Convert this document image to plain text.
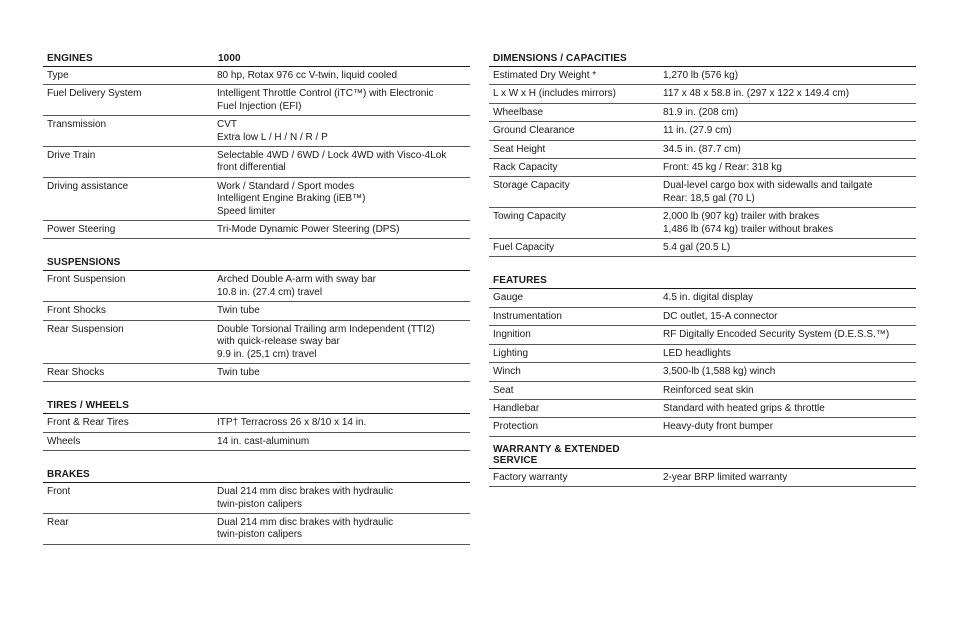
ENGINES	1000
Type	80 hp, Rotax 976 cc V-twin, liquid cooled
Fuel Delivery System	Intelligent Throttle Control (iTC™) with Electronic
Fuel Injection (EFI)
Transmission	CVT
Extra low L / H / N / R / P
Drive Train	Selectable 4WD / 6WD / Lock 4WD with Visco-4Lok
front differential
Driving assistance	Work / Standard / Sport modes
Intelligent Engine Braking (iEB™)
Speed limiter
Power Steering	Tri-Mode Dynamic Power Steering (DPS)
SUSPENSIONS
Front Suspension	Arched Double A-arm with sway bar
10.8 in. (27.4 cm) travel
Front Shocks	Twin tube
Rear Suspension	Double Torsional Trailing arm Independent (TTI2)
with quick-release sway bar
9.9 in. (25,1 cm) travel
Rear Shocks	Twin tube
TIRES / WHEELS
Front & Rear Tires	ITP† Terracross 26 x 8/10 x 14 in.
Wheels	14 in. cast-aluminum
BRAKES
Front	Dual 214 mm disc brakes with hydraulic
twin-piston calipers
Rear	Dual 214 mm disc brakes with hydraulic
twin-piston calipers
DIMENSIONS / CAPACITIES
Estimated Dry Weight *	1,270 lb (576 kg)
L x W x H (includes mirrors)	117 x 48 x 58.8 in. (297 x 122 x 149.4 cm)
Wheelbase	81.9 in. (208 cm)
Ground Clearance	11 in. (27.9 cm)
Seat Height	34.5 in. (87.7 cm)
Rack Capacity	Front: 45 kg / Rear: 318 kg
Storage Capacity	Dual-level cargo box with sidewalls and tailgate
Rear: 18,5 gal (70 L)
Towing Capacity	2,000 lb (907 kg) trailer with brakes
1,486 lb (674 kg) trailer without brakes
Fuel Capacity	5.4 gal (20.5 L)
FEATURES
Gauge	4.5 in. digital display
Instrumentation	DC outlet, 15-A connector
Ingnition	RF Digitally Encoded Security System (D.E.S.S.™)
Lighting	LED headlights
Winch	3,500-lb (1,588 kg) winch
Seat	Reinforced seat skin
Handlebar	Standard with heated grips & throttle
Protection	Heavy-duty front bumper
WARRANTY & EXTENDED SERVICE
Factory warranty	2-year BRP limited warranty
